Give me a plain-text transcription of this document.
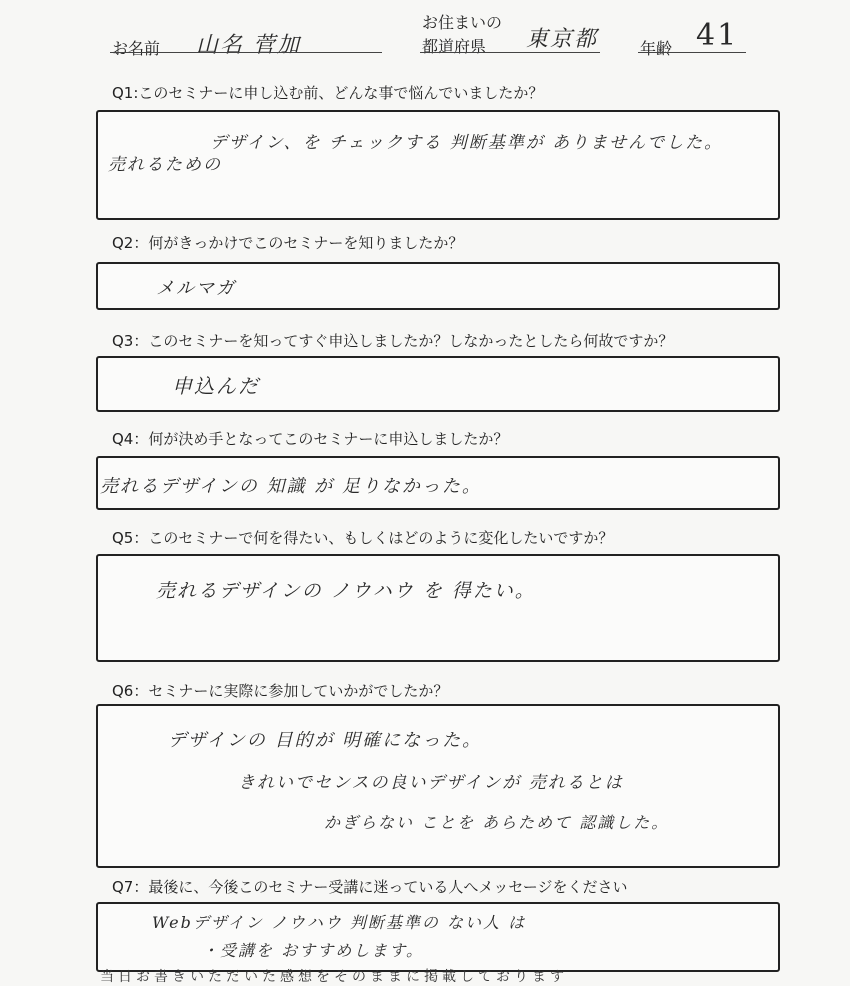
お名前 山名 菅加
お住まいの
都道府県 東京都	年齢 41
Q1:このセミナーに申し込む前、どんな事で悩んでいましたか？
デザイン、を チェックする 判断基準が ありませんでした。
売れるための
Q2：何がきっかけでこのセミナーを知りましたか？
メルマガ
Q3：このセミナーを知ってすぐ申込しましたか？しなかったとしたら何故ですか？
申込んだ
Q4：何が決め手となってこのセミナーに申込しましたか？
売れるデザインの 知識 が 足りなかった。
Q5：このセミナーで何を得たい、もしくはどのように変化したいですか？
売れるデザインの ノウハウ を 得たい。
Q6：セミナーに実際に参加していかがでしたか？
デザインの 目的が 明確になった。
きれいでセンスの良いデザインが 売れるとは
かぎらない ことを あらためて 認識した。
Q7：最後に、今後このセミナー受講に迷っている人へメッセージをください
Webデザイン ノウハウ 判断基準の ない人 は
・受講を おすすめします。
当日お書きいただいた感想をそのままに掲載しております
